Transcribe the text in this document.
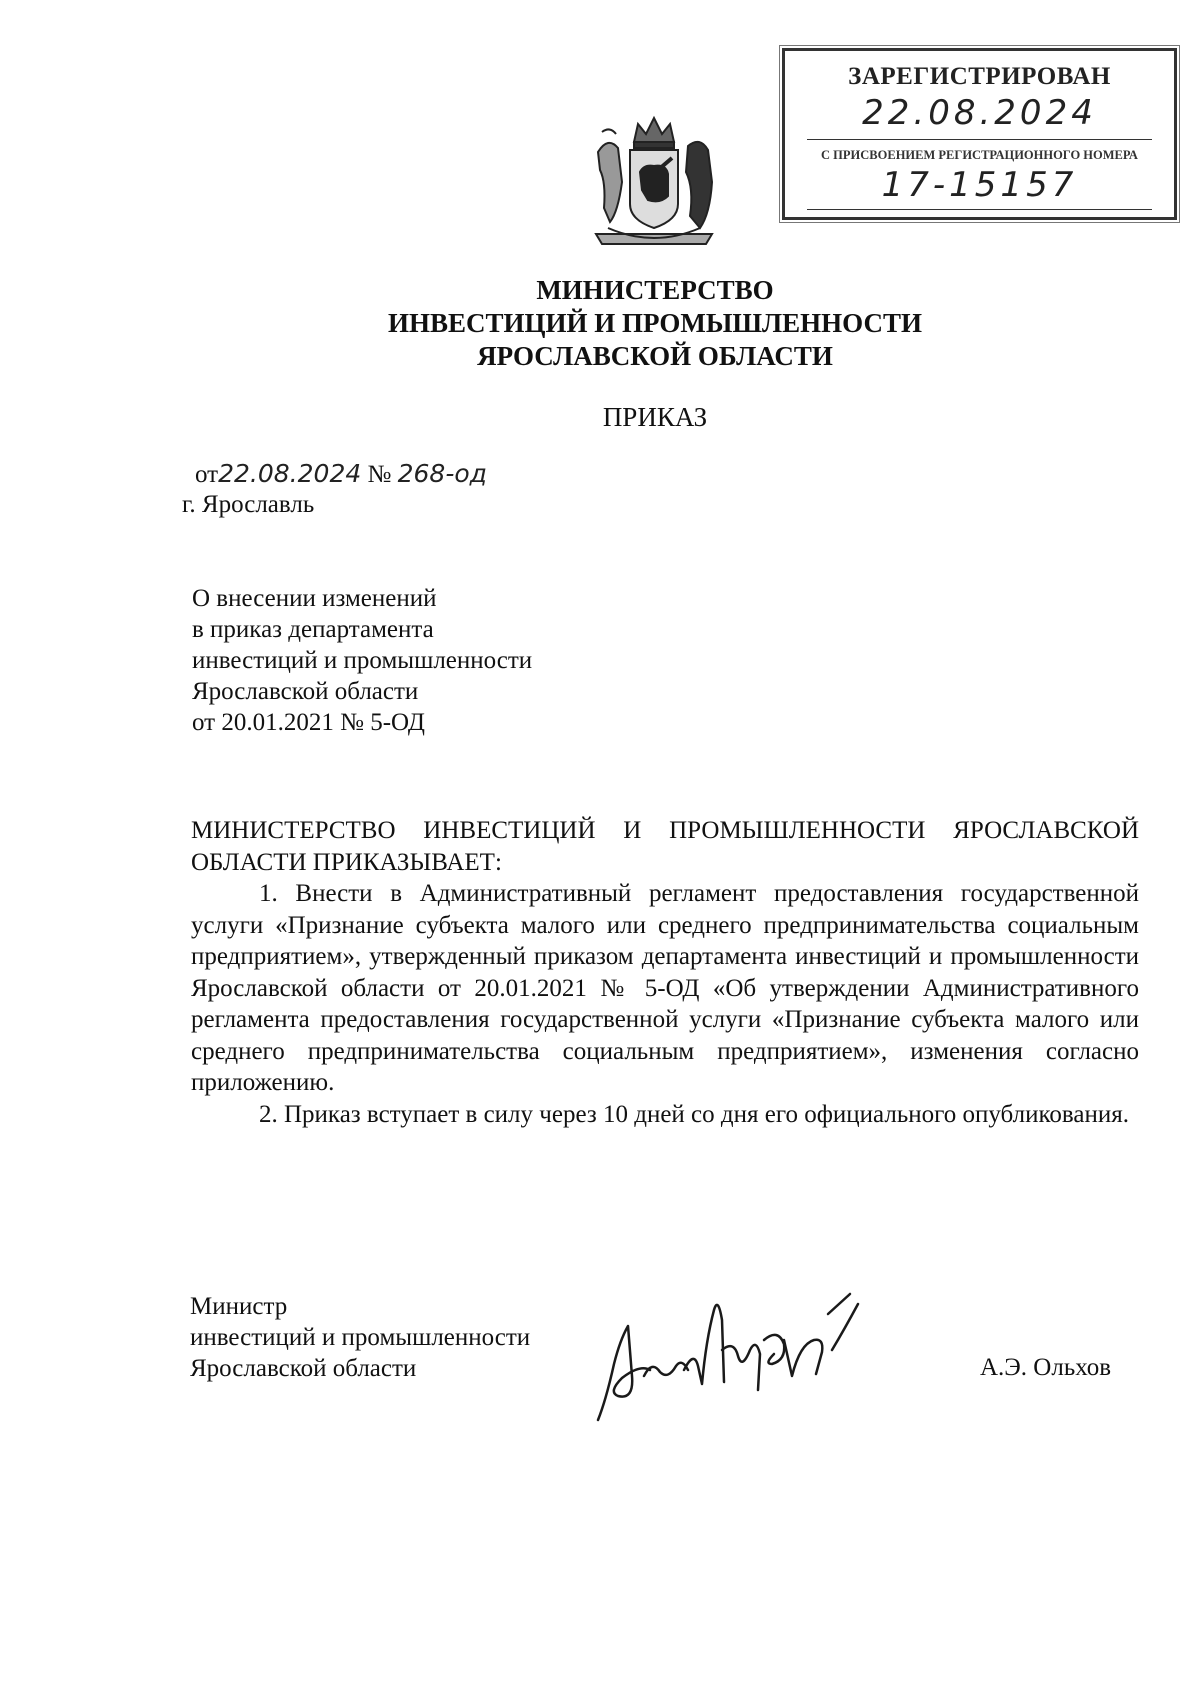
ЗАРЕГИСТРИРОВАН
22.08.2024
С ПРИСВОЕНИЕМ РЕГИСТРАЦИОННОГО НОМЕРА
17-15157
МИНИСТЕРСТВО
ИНВЕСТИЦИЙ И ПРОМЫШЛЕННОСТИ
ЯРОСЛАВСКОЙ ОБЛАСТИ
ПРИКАЗ
от22.08.2024 № 268-од
г. Ярославль
О внесении изменений
в приказ департамента
инвестиций и промышленности
Ярославской области
от 20.01.2021 № 5-ОД
МИНИСТЕРСТВО ИНВЕСТИЦИЙ И ПРОМЫШЛЕННОСТИ ЯРОСЛАВСКОЙ ОБЛАСТИ ПРИКАЗЫВАЕТ:
1. Внести в Административный регламент предоставления государственной услуги «Признание субъекта малого или среднего предпринимательства социальным предприятием», утвержденный приказом департамента инвестиций и промышленности Ярославской области от 20.01.2021 № 5-ОД «Об утверждении Административного регламента предоставления государственной услуги «Признание субъекта малого или среднего предпринимательства социальным предприятием», изменения согласно приложению.
2. Приказ вступает в силу через 10 дней со дня его официального опубликования.
Министр
инвестиций и промышленности
Ярославской области	А.Э. Ольхов
